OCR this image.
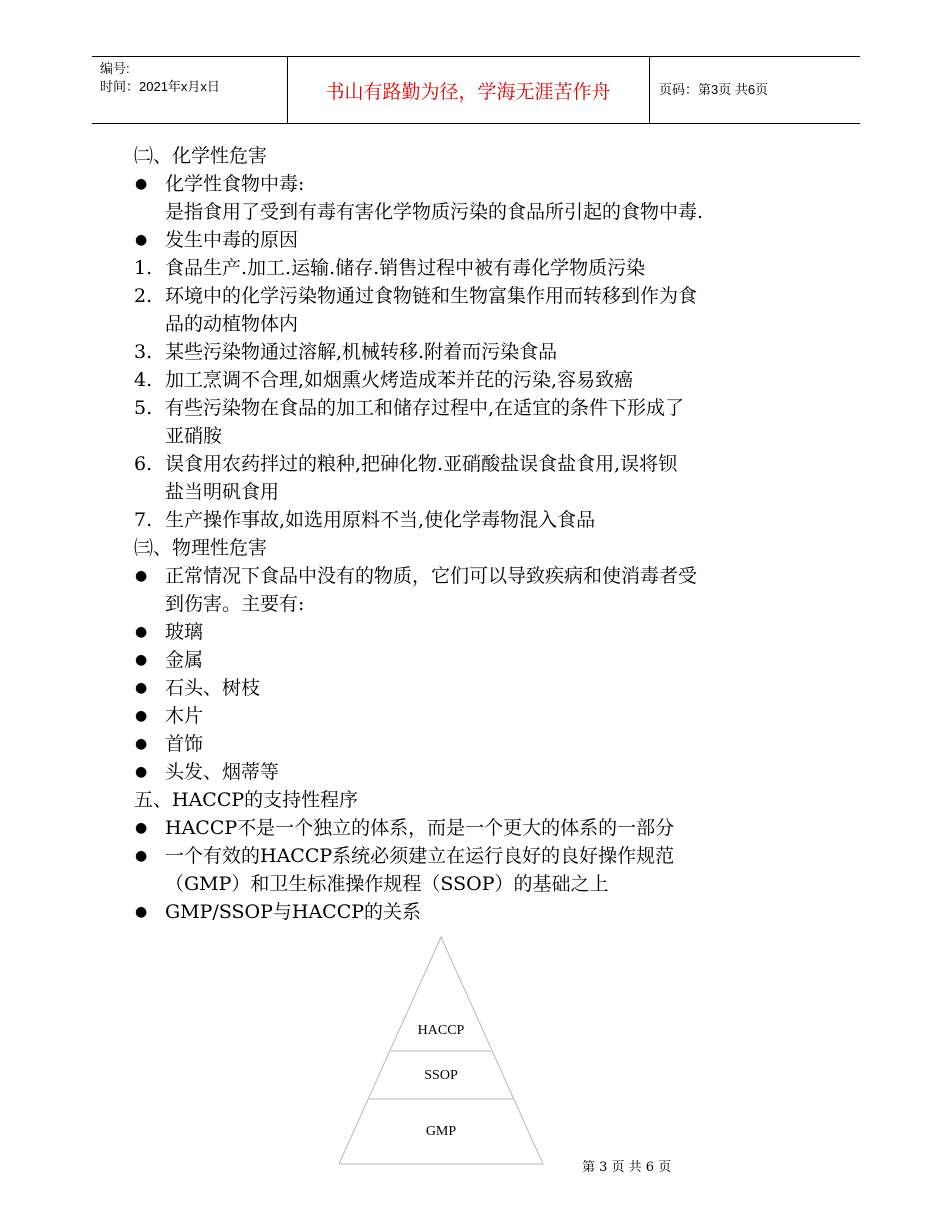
编号:
时间：2021年x月x日	书山有路勤为径，学海无涯苦作舟	页码：第3页 共6页
㈡、化学性危害
● 化学性食物中毒:
是指食用了受到有毒有害化学物质污染的食品所引起的食物中毒.
● 发生中毒的原因
1. 食品生产.加工.运输.储存.销售过程中被有毒化学物质污染
2. 环境中的化学污染物通过食物链和生物富集作用而转移到作为食
品的动植物体内
3. 某些污染物通过溶解,机械转移.附着而污染食品
4. 加工烹调不合理,如烟熏火烤造成苯并芘的污染,容易致癌
5. 有些污染物在食品的加工和储存过程中,在适宜的条件下形成了
亚硝胺
6. 误食用农药拌过的粮种,把砷化物.亚硝酸盐误食盐食用,误将钡
盐当明矾食用
7. 生产操作事故,如选用原料不当,使化学毒物混入食品
㈢、物理性危害
● 正常情况下食品中没有的物质，它们可以导致疾病和使消毒者受
到伤害。主要有:
● 玻璃
● 金属
● 石头、树枝
● 木片
● 首饰
● 头发、烟蒂等
五、HACCP的支持性程序
● HACCP不是一个独立的体系，而是一个更大的体系的一部分
● 一个有效的HACCP系统必须建立在运行良好的良好操作规范
（GMP）和卫生标准操作规程（SSOP）的基础之上
● GMP/SSOP与HACCP的关系
HACCP
SSOP
GMP
第 3 页 共 6 页
